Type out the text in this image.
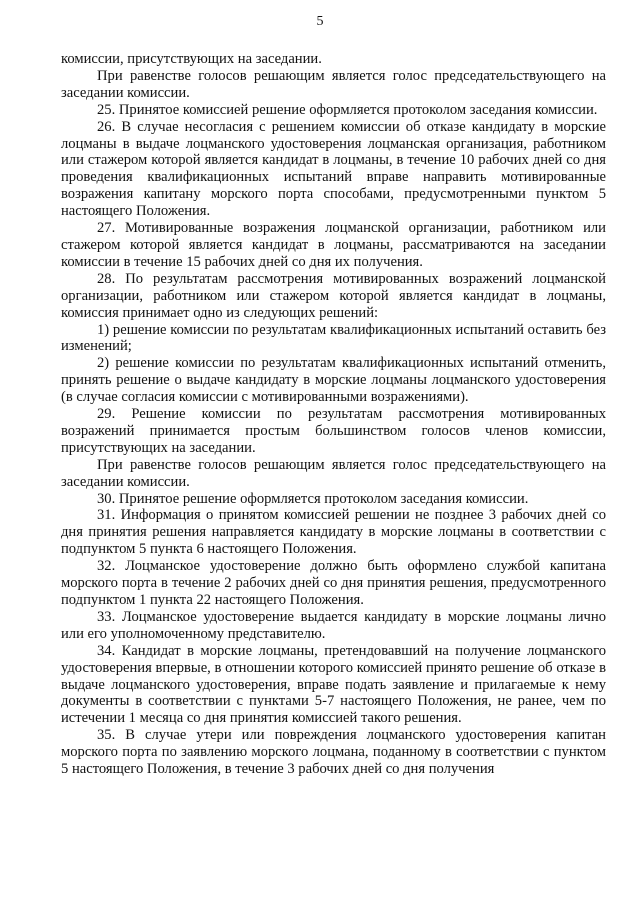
5

комиссии, присутствующих на заседании.

При равенстве голосов решающим является голос председательствующего на заседании комиссии.

25. Принятое комиссией решение оформляется протоколом заседания комиссии.

26. В случае несогласия с решением комиссии об отказе кандидату в морские лоцманы в выдаче лоцманского удостоверения лоцманская организация, работником или стажером которой является кандидат в лоцманы, в течение 10 рабочих дней со дня проведения квалификационных испытаний вправе направить мотивированные возражения капитану морского порта способами, предусмотренными пунктом 5 настоящего Положения.

27. Мотивированные возражения лоцманской организации, работником или стажером которой является кандидат в лоцманы, рассматриваются на заседании комиссии в течение 15 рабочих дней со дня их получения.

28. По результатам рассмотрения мотивированных возражений лоцманской организации, работником или стажером которой является кандидат в лоцманы, комиссия принимает одно из следующих решений:

1) решение комиссии по результатам квалификационных испытаний оставить без изменений;

2) решение комиссии по результатам квалификационных испытаний отменить, принять решение о выдаче кандидату в морские лоцманы лоцманского удостоверения (в случае согласия комиссии с мотивированными возражениями).

29. Решение комиссии по результатам рассмотрения мотивированных возражений принимается простым большинством голосов членов комиссии, присутствующих на заседании.

При равенстве голосов решающим является голос председательствующего на заседании комиссии.

30. Принятое решение оформляется протоколом заседания комиссии.

31. Информация о принятом комиссией решении не позднее 3 рабочих дней со дня принятия решения направляется кандидату в морские лоцманы в соответствии с подпунктом 5 пункта 6 настоящего Положения.

32. Лоцманское удостоверение должно быть оформлено службой капитана морского порта в течение 2 рабочих дней со дня принятия решения, предусмотренного подпунктом 1 пункта 22 настоящего Положения.

33. Лоцманское удостоверение выдается кандидату в морские лоцманы лично или его уполномоченному представителю.

34. Кандидат в морские лоцманы, претендовавший на получение лоцманского удостоверения впервые, в отношении которого комиссией принято решение об отказе в выдаче лоцманского удостоверения, вправе подать заявление и прилагаемые к нему документы в соответствии с пунктами 5-7 настоящего Положения, не ранее, чем по истечении 1 месяца со дня принятия комиссией такого решения.

35. В случае утери или повреждения лоцманского удостоверения капитан морского порта по заявлению морского лоцмана, поданному в соответствии с пунктом 5 настоящего Положения, в течение 3 рабочих дней со дня получения
